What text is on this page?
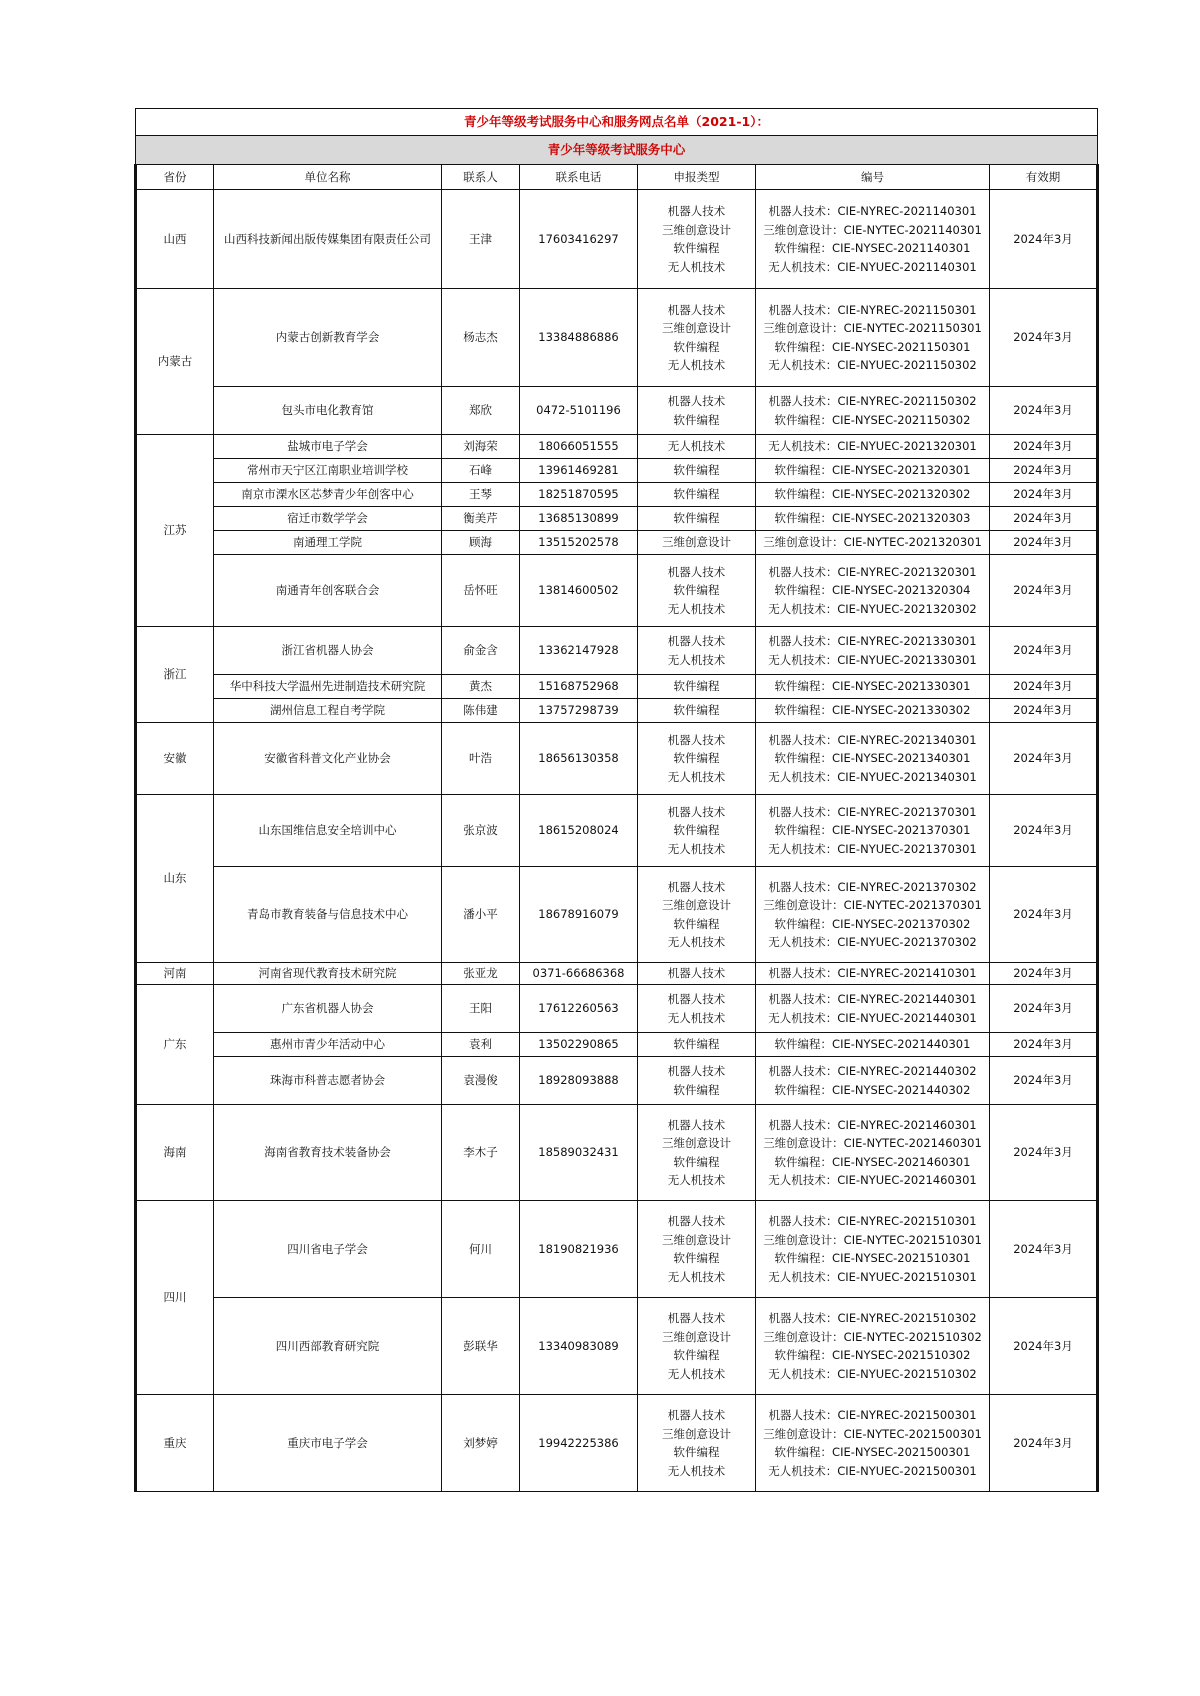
青少年等级考试服务中心和服务网点名单（2021-1）：						
青少年等级考试服务中心						
省份	单位名称	联系人	联系电话	申报类型	编号	有效期
山西	山西科技新闻出版传媒集团有限责任公司	王津	17603416297	机器人技术
三维创意设计
软件编程
无人机技术	机器人技术：CIE-NYREC-2021140301
三维创意设计：CIE-NYTEC-2021140301
软件编程：CIE-NYSEC-2021140301
无人机技术：CIE-NYUEC-2021140301	2024年3月
内蒙古	内蒙古创新教育学会	杨志杰	13384886886	机器人技术
三维创意设计
软件编程
无人机技术	机器人技术：CIE-NYREC-2021150301
三维创意设计：CIE-NYTEC-2021150301
软件编程：CIE-NYSEC-2021150301
无人机技术：CIE-NYUEC-2021150302	2024年3月
	包头市电化教育馆	郑欣	0472-5101196	机器人技术
软件编程	机器人技术：CIE-NYREC-2021150302
软件编程：CIE-NYSEC-2021150302	2024年3月
江苏	盐城市电子学会	刘海荣	18066051555	无人机技术	无人机技术：CIE-NYUEC-2021320301	2024年3月
	常州市天宁区江南职业培训学校	石峰	13961469281	软件编程	软件编程：CIE-NYSEC-2021320301	2024年3月
	南京市溧水区芯梦青少年创客中心	王琴	18251870595	软件编程	软件编程：CIE-NYSEC-2021320302	2024年3月
	宿迁市数学学会	衡美芹	13685130899	软件编程	软件编程：CIE-NYSEC-2021320303	2024年3月
	南通理工学院	顾海	13515202578	三维创意设计	三维创意设计：CIE-NYTEC-2021320301	2024年3月
	南通青年创客联合会	岳怀旺	13814600502	机器人技术
软件编程
无人机技术	机器人技术：CIE-NYREC-2021320301
软件编程：CIE-NYSEC-2021320304
无人机技术：CIE-NYUEC-2021320302	2024年3月
浙江	浙江省机器人协会	俞金含	13362147928	机器人技术
无人机技术	机器人技术：CIE-NYREC-2021330301
无人机技术：CIE-NYUEC-2021330301	2024年3月
	华中科技大学温州先进制造技术研究院	黄杰	15168752968	软件编程	软件编程：CIE-NYSEC-2021330301	2024年3月
	湖州信息工程自考学院	陈伟建	13757298739	软件编程	软件编程：CIE-NYSEC-2021330302	2024年3月
安徽	安徽省科普文化产业协会	叶浩	18656130358	机器人技术
软件编程
无人机技术	机器人技术：CIE-NYREC-2021340301
软件编程：CIE-NYSEC-2021340301
无人机技术：CIE-NYUEC-2021340301	2024年3月
山东	山东国维信息安全培训中心	张京波	18615208024	机器人技术
软件编程
无人机技术	机器人技术：CIE-NYREC-2021370301
软件编程：CIE-NYSEC-2021370301
无人机技术：CIE-NYUEC-2021370301	2024年3月
	青岛市教育装备与信息技术中心	潘小平	18678916079	机器人技术
三维创意设计
软件编程
无人机技术	机器人技术：CIE-NYREC-2021370302
三维创意设计：CIE-NYTEC-2021370301
软件编程：CIE-NYSEC-2021370302
无人机技术：CIE-NYUEC-2021370302	2024年3月
河南	河南省现代教育技术研究院	张亚龙	0371-66686368	机器人技术	机器人技术：CIE-NYREC-2021410301	2024年3月
广东	广东省机器人协会	王阳	17612260563	机器人技术
无人机技术	机器人技术：CIE-NYREC-2021440301
无人机技术：CIE-NYUEC-2021440301	2024年3月
	惠州市青少年活动中心	袁利	13502290865	软件编程	软件编程：CIE-NYSEC-2021440301	2024年3月
	珠海市科普志愿者协会	袁漫俊	18928093888	机器人技术
软件编程	机器人技术：CIE-NYREC-2021440302
软件编程：CIE-NYSEC-2021440302	2024年3月
海南	海南省教育技术装备协会	李木子	18589032431	机器人技术
三维创意设计
软件编程
无人机技术	机器人技术：CIE-NYREC-2021460301
三维创意设计：CIE-NYTEC-2021460301
软件编程：CIE-NYSEC-2021460301
无人机技术：CIE-NYUEC-2021460301	2024年3月
四川	四川省电子学会	何川	18190821936	机器人技术
三维创意设计
软件编程
无人机技术	机器人技术：CIE-NYREC-2021510301
三维创意设计：CIE-NYTEC-2021510301
软件编程：CIE-NYSEC-2021510301
无人机技术：CIE-NYUEC-2021510301	2024年3月
	四川西部教育研究院	彭联华	13340983089	机器人技术
三维创意设计
软件编程
无人机技术	机器人技术：CIE-NYREC-2021510302
三维创意设计：CIE-NYTEC-2021510302
软件编程：CIE-NYSEC-2021510302
无人机技术：CIE-NYUEC-2021510302	2024年3月
重庆	重庆市电子学会	刘梦婷	19942225386	机器人技术
三维创意设计
软件编程
无人机技术	机器人技术：CIE-NYREC-2021500301
三维创意设计：CIE-NYTEC-2021500301
软件编程：CIE-NYSEC-2021500301
无人机技术：CIE-NYUEC-2021500301	2024年3月
